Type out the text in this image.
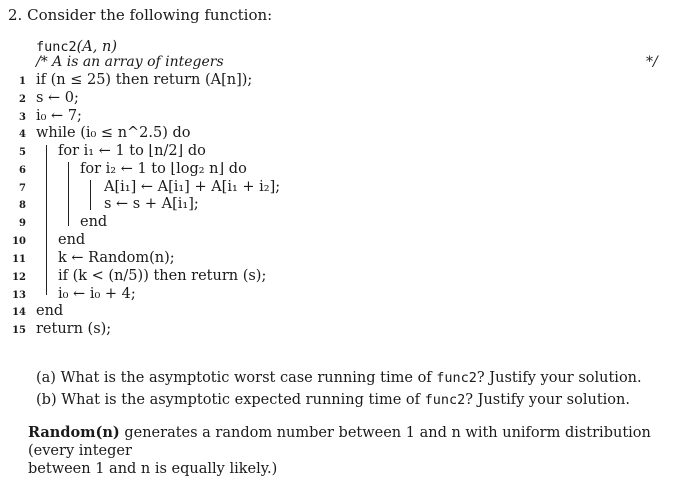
2. Consider the following function:
func2(A, n)
/* A is an array of integers	*/
1
2
3
4
5
6
7
8
9
10
11
12
13
14
15
if (n ≤ 25) then return (A[n]);
s ← 0;
i₀ ← 7;
while (i₀ ≤ n^2.5) do
for i₁ ← 1 to ⌊n/2⌋ do
for i₂ ← 1 to ⌊log₂ n⌋ do
A[i₁] ← A[i₁] + A[i₁ + i₂];
s ← s + A[i₁];
end
end
k ← Random(n);
if (k < (n/5)) then return (s);
i₀ ← i₀ + 4;
end
return (s);
(a) What is the asymptotic worst case running time of func2? Justify your solution.
(b) What is the asymptotic expected running time of func2? Justify your solution.
Random(n) generates a random number between 1 and n with uniform distribution (every integer
between 1 and n is equally likely.)
